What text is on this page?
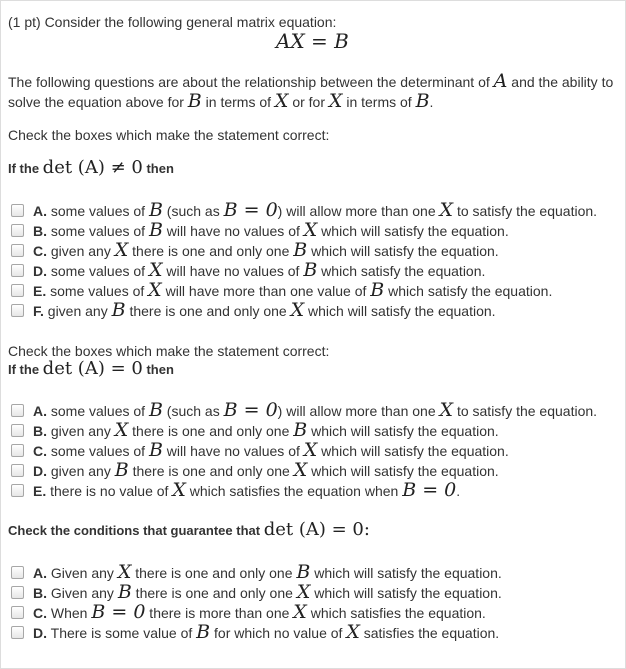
(1 pt) Consider the following general matrix equation:
AX = B
The following questions are about the relationship between the determinant of A and the ability to
solve the equation above for B in terms of X or for X in terms of B.
Check the boxes which make the statement correct:
If the det (A) ≠ 0 then
A. some values of B (such as B = 0) will allow more than one X to satisfy the equation.
B. some values of B will have no values of X which will satisfy the equation.
C. given any X there is one and only one B which will satisfy the equation.
D. some values of X will have no values of B which satisfy the equation.
E. some values of X will have more than one value of B which satisfy the equation.
F. given any B there is one and only one X which will satisfy the equation.
Check the boxes which make the statement correct:
If the det (A) = 0 then
A. some values of B (such as B = 0) will allow more than one X to satisfy the equation.
B. given any X there is one and only one B which will satisfy the equation.
C. some values of B will have no values of X which will satisfy the equation.
D. given any B there is one and only one X which will satisfy the equation.
E. there is no value of X which satisfies the equation when B = 0.
Check the conditions that guarantee that det (A) = 0:
A. Given any X there is one and only one B which will satisfy the equation.
B. Given any B there is one and only one X which will satisfy the equation.
C. When B = 0 there is more than one X which satisfies the equation.
D. There is some value of B for which no value of X satisfies the equation.
